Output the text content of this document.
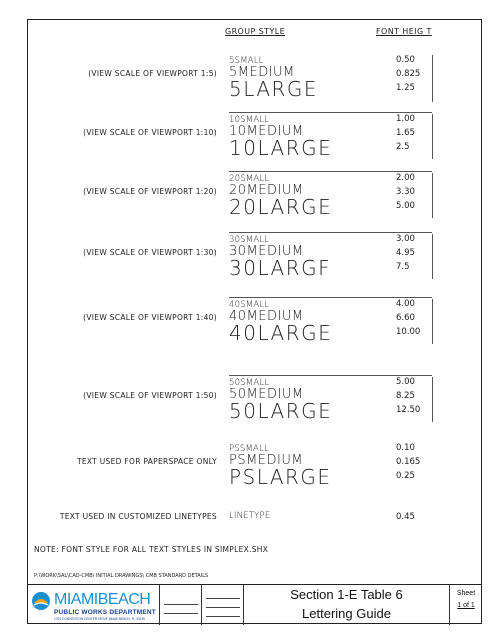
GROUP STYLE	FONT HEIG T
(VIEW SCALE OF VIEWPORT 1:5)
5SMALL
5MEDIUM
5LARGE
0.50
0.825
1.25
(VIEW SCALE OF VIEWPORT 1:10)
10SMALL
10MEDIUM
10LARGE
1.00
1.65
2.5
(VIEW SCALE OF VIEWPORT 1:20)
20SMALL
20MEDIUM
20LARGE
2.00
3.30
5.00
(VIEW SCALE OF VIEWPORT 1:30)
30SMALL
30MEDIUM
30LARGF
3.00
4.95
7.5
(VIEW SCALE OF VIEWPORT 1:40)
40SMALL
40MEDIUM
40LARGE
4.00
6.60
10.00
(VIEW SCALE OF VIEWPORT 1:50)
50SMALL
50MEDIUM
50LARGE
5.00
8.25
12.50
TEXT USED FOR PAPERSPACE ONLY
PSSMALL
PSMEDIUM
PSLARGE
0.10
0.165
0.25
TEXT USED IN CUSTOMIZED LINETYPES LINETYPE	0.45
NOTE: FONT STYLE FOR ALL TEXT STYLES IN SIMPLEX.SHX
P:\WORK\SAL\CAD-CMB\ INITIAL DRAWINGS\ CMB STANDARD DETAILS
MIAMIBEACH
PUBLIC WORKS DEPARTMENT
1700 CONVENTION CENTER DRIVE MIAMI BEACH, FL 33139
Section 1-E Table 6
Lettering Guide
Sheet
1 of 1
